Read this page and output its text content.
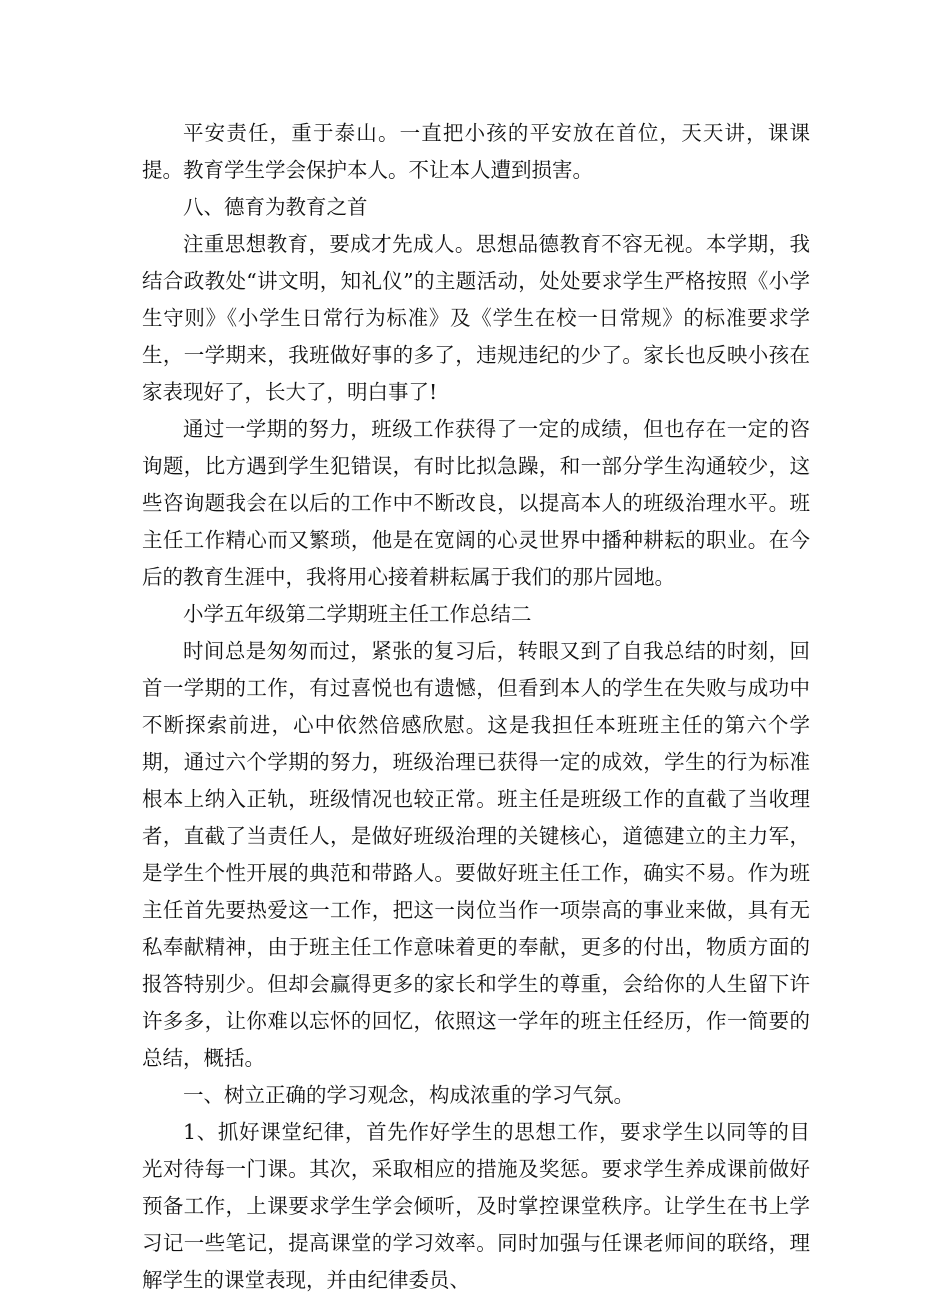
平安责任，重于泰山。一直把小孩的平安放在首位，天天讲，课课提。教育学生学会保护本人。不让本人遭到损害。

八、德育为教育之首

注重思想教育，要成才先成人。思想品德教育不容无视。本学期，我结合政教处“讲文明，知礼仪”的主题活动，处处要求学生严格按照《小学生守则》《小学生日常行为标准》及《学生在校一日常规》的标准要求学生，一学期来，我班做好事的多了，违规违纪的少了。家长也反映小孩在家表现好了，长大了，明白事了!

通过一学期的努力，班级工作获得了一定的成绩，但也存在一定的咨询题，比方遇到学生犯错误，有时比拟急躁，和一部分学生沟通较少，这些咨询题我会在以后的工作中不断改良，以提高本人的班级治理水平。班主任工作精心而又繁琐，他是在宽阔的心灵世界中播种耕耘的职业。在今后的教育生涯中，我将用心接着耕耘属于我们的那片园地。

小学五年级第二学期班主任工作总结二

时间总是匆匆而过，紧张的复习后，转眼又到了自我总结的时刻，回首一学期的工作，有过喜悦也有遗憾，但看到本人的学生在失败与成功中不断探索前进，心中依然倍感欣慰。这是我担任本班班主任的第六个学期，通过六个学期的努力，班级治理已获得一定的成效，学生的行为标准根本上纳入正轨，班级情况也较正常。班主任是班级工作的直截了当收理者，直截了当责任人，是做好班级治理的关键核心，道德建立的主力军，是学生个性开展的典范和带路人。要做好班主任工作，确实不易。作为班主任首先要热爱这一工作，把这一岗位当作一项崇高的事业来做，具有无私奉献精神，由于班主任工作意味着更的奉献，更多的付出，物质方面的报答特别少。但却会赢得更多的家长和学生的尊重，会给你的人生留下许许多多，让你难以忘怀的回忆，依照这一学年的班主任经历，作一简要的总结，概括。

一、树立正确的学习观念，构成浓重的学习气氛。

1、抓好课堂纪律，首先作好学生的思想工作，要求学生以同等的目光对待每一门课。其次，采取相应的措施及奖惩。要求学生养成课前做好预备工作，上课要求学生学会倾听，及时掌控课堂秩序。让学生在书上学习记一些笔记，提高课堂的学习效率。同时加强与任课老师间的联络，理解学生的课堂表现，并由纪律委员、
